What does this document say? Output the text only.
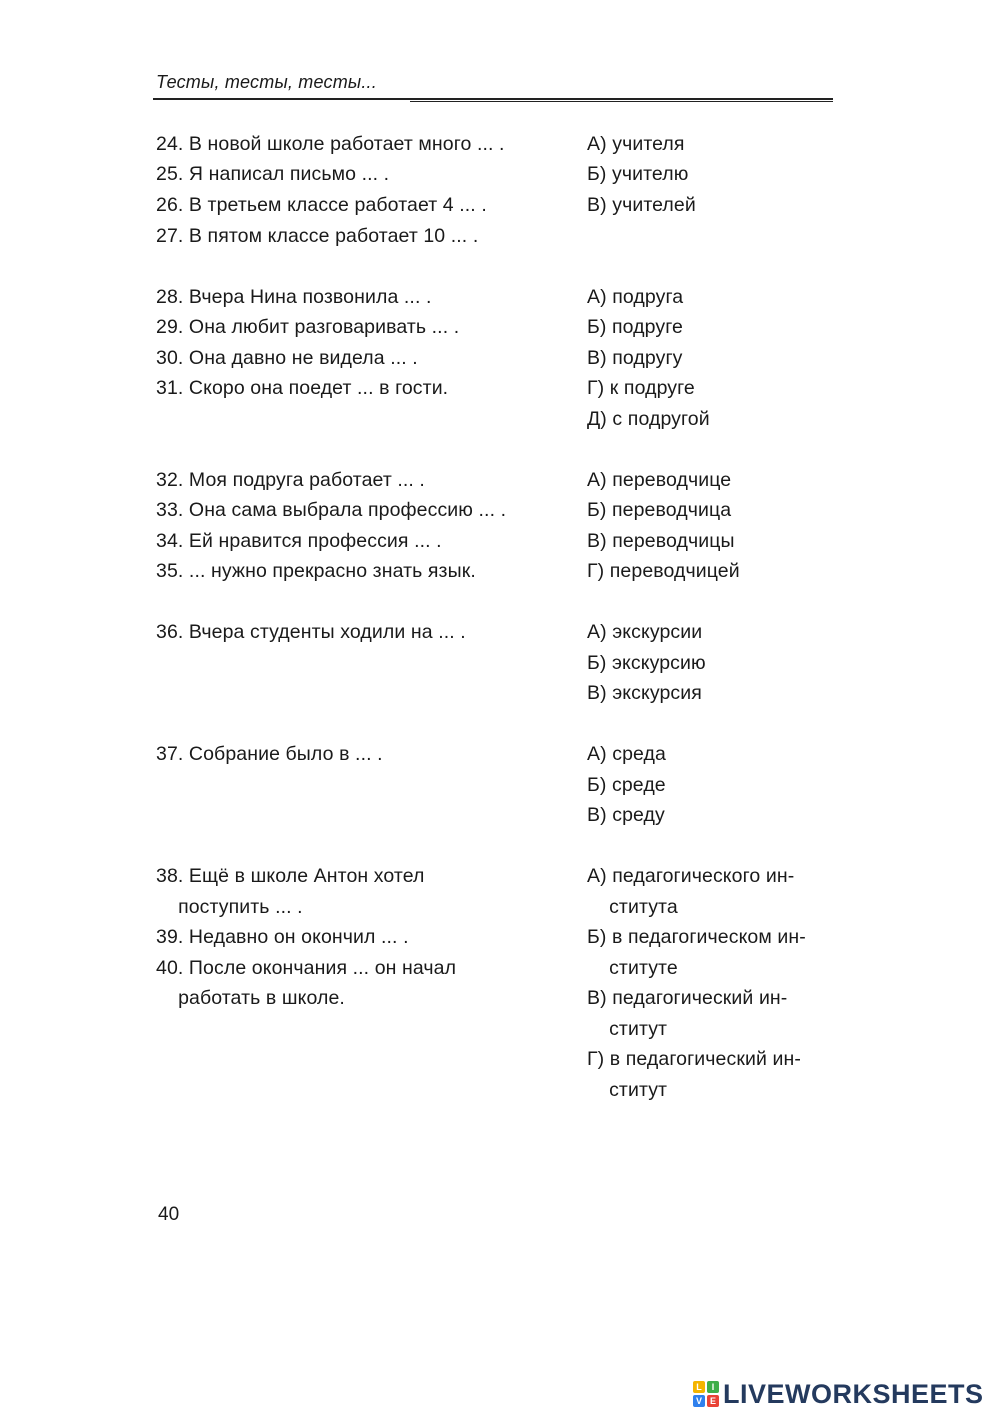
Тесты, тесты, тесты...
24. В новой школе работает много ... .
25. Я написал письмо ... .
26. В третьем классе работает 4 ... .
27. В пятом классе работает 10 ... .
А) учителя
Б) учителю
В) учителей
28. Вчера Нина позвонила ... .
29. Она любит разговаривать ... .
30. Она давно не видела ... .
31. Скоро она поедет ... в гости.
А) подруга
Б) подруге
В) подругу
Г) к подруге
Д) с подругой
32. Моя подруга работает ... .
33. Она сама выбрала профессию ... .
34. Ей нравится профессия ... .
35. ... нужно прекрасно знать язык.
А) переводчице
Б) переводчица
В) переводчицы
Г) переводчицей
36. Вчера студенты ходили на ... .	А) экскурсии
Б) экскурсию
В) экскурсия
37. Собрание было в ... .	А) среда
Б) среде
В) среду
38. Ещё в школе Антон хотел
поступить ... .
39. Недавно он окончил ... .
40. После окончания ... он начал
работать в школе.
А) педагогического ин-
ститута
Б) в педагогическом ин-
ституте
В) педагогический ин-
ститут
Г) в педагогический ин-
ститут
40
L	I
V E LIVEWORKSHEETS
